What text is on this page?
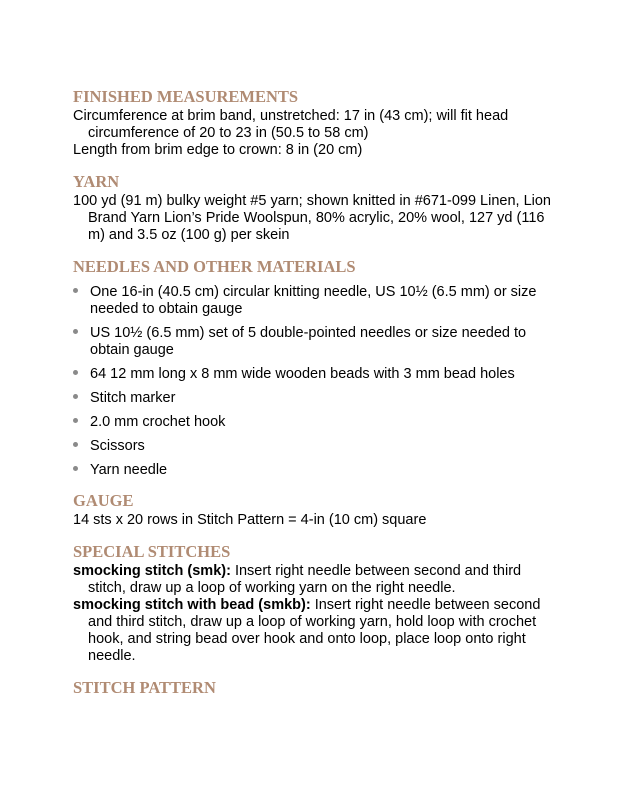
FINISHED MEASUREMENTS

Circumference at brim band, unstretched: 17 in (43 cm); will fit head circumference of 20 to 23 in (50.5 to 58 cm)

Length from brim edge to crown: 8 in (20 cm)

YARN

100 yd (91 m) bulky weight #5 yarn; shown knitted in #671-099 Linen, Lion Brand Yarn Lion’s Pride Woolspun, 80% acrylic, 20% wool, 127 yd (116 m) and 3.5 oz (100 g) per skein

NEEDLES AND OTHER MATERIALS
One 16-in (40.5 cm) circular knitting needle, US 10½ (6.5 mm) or size needed to obtain gauge
US 10½ (6.5 mm) set of 5 double-pointed needles or size needed to obtain gauge
64 12 mm long x 8 mm wide wooden beads with 3 mm bead holes
Stitch marker
2.0 mm crochet hook
Scissors
Yarn needle
GAUGE

14 sts x 20 rows in Stitch Pattern = 4-in (10 cm) square

SPECIAL STITCHES

smocking stitch (smk): Insert right needle between second and third stitch, draw up a loop of working yarn on the right needle.

smocking stitch with bead (smkb): Insert right needle between second and third stitch, draw up a loop of working yarn, hold loop with crochet hook, and string bead over hook and onto loop, place loop onto right needle.

STITCH PATTERN
